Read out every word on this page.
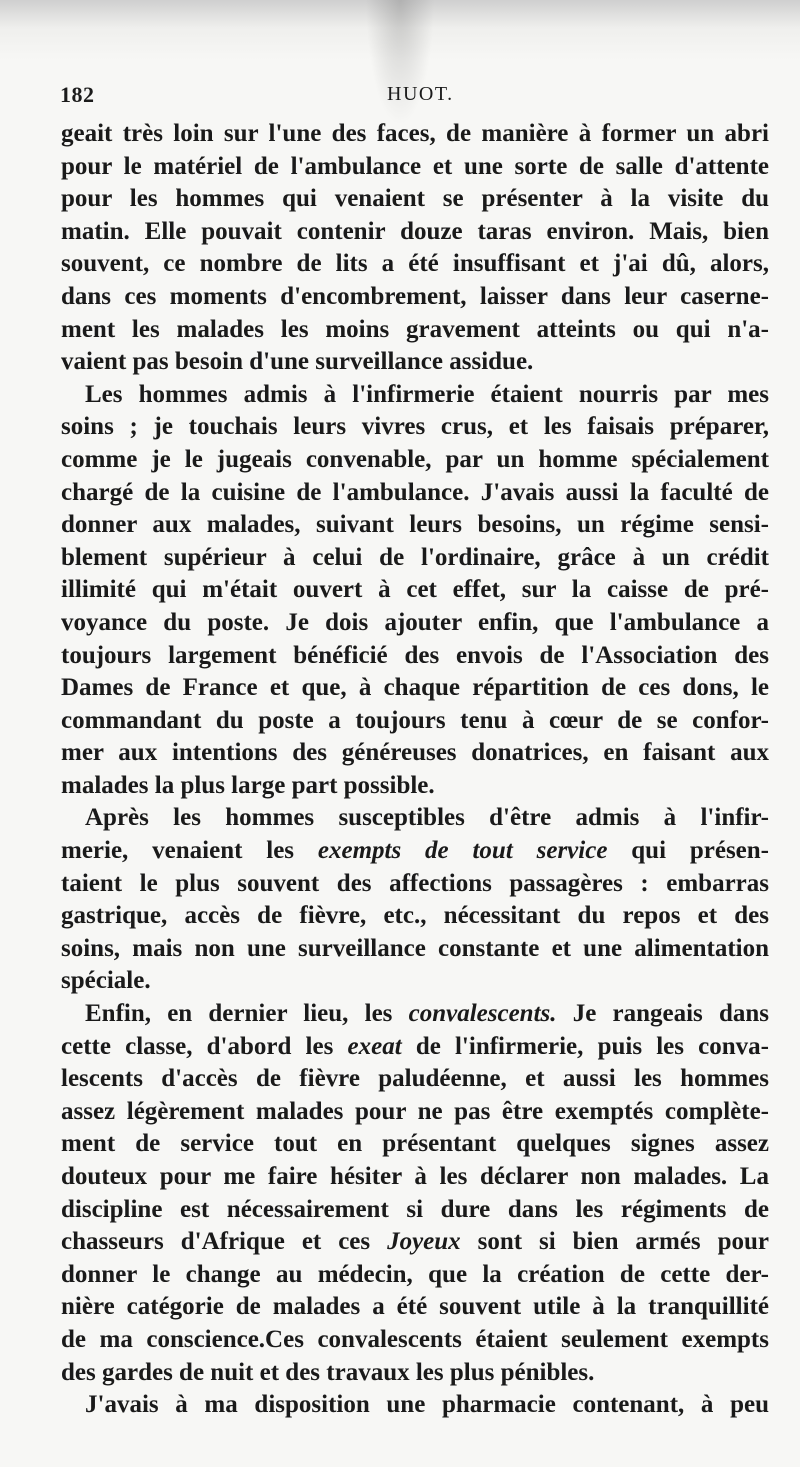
182	HUOT.
geait très loin sur l'une des faces, de manière à former un abri
pour le matériel de l'ambulance et une sorte de salle d'attente
pour les hommes qui venaient se présenter à la visite du
matin. Elle pouvait contenir douze taras environ. Mais, bien
souvent, ce nombre de lits a été insuffisant et j'ai dû, alors,
dans ces moments d'encombrement, laisser dans leur caserne-
ment les malades les moins gravement atteints ou qui n'a-
vaient pas besoin d'une surveillance assidue.
Les hommes admis à l'infirmerie étaient nourris par mes
soins ; je touchais leurs vivres crus, et les faisais préparer,
comme je le jugeais convenable, par un homme spécialement
chargé de la cuisine de l'ambulance. J'avais aussi la faculté de
donner aux malades, suivant leurs besoins, un régime sensi-
blement supérieur à celui de l'ordinaire, grâce à un crédit
illimité qui m'était ouvert à cet effet, sur la caisse de pré-
voyance du poste. Je dois ajouter enfin, que l'ambulance a
toujours largement bénéficié des envois de l'Association des
Dames de France et que, à chaque répartition de ces dons, le
commandant du poste a toujours tenu à cœur de se confor-
mer aux intentions des généreuses donatrices, en faisant aux
malades la plus large part possible.
Après les hommes susceptibles d'être admis à l'infir-
merie, venaient les exempts de tout service qui présen-
taient le plus souvent des affections passagères : embarras
gastrique, accès de fièvre, etc., nécessitant du repos et des
soins, mais non une surveillance constante et une alimentation
spéciale.
Enfin, en dernier lieu, les convalescents. Je rangeais dans
cette classe, d'abord les exeat de l'infirmerie, puis les conva-
lescents d'accès de fièvre paludéenne, et aussi les hommes
assez légèrement malades pour ne pas être exemptés complète-
ment de service tout en présentant quelques signes assez
douteux pour me faire hésiter à les déclarer non malades. La
discipline est nécessairement si dure dans les régiments de
chasseurs d'Afrique et ces Joyeux sont si bien armés pour
donner le change au médecin, que la création de cette der-
nière catégorie de malades a été souvent utile à la tranquillité
de ma conscience.Ces convalescents étaient seulement exempts
des gardes de nuit et des travaux les plus pénibles.
J'avais à ma disposition une pharmacie contenant, à peu
